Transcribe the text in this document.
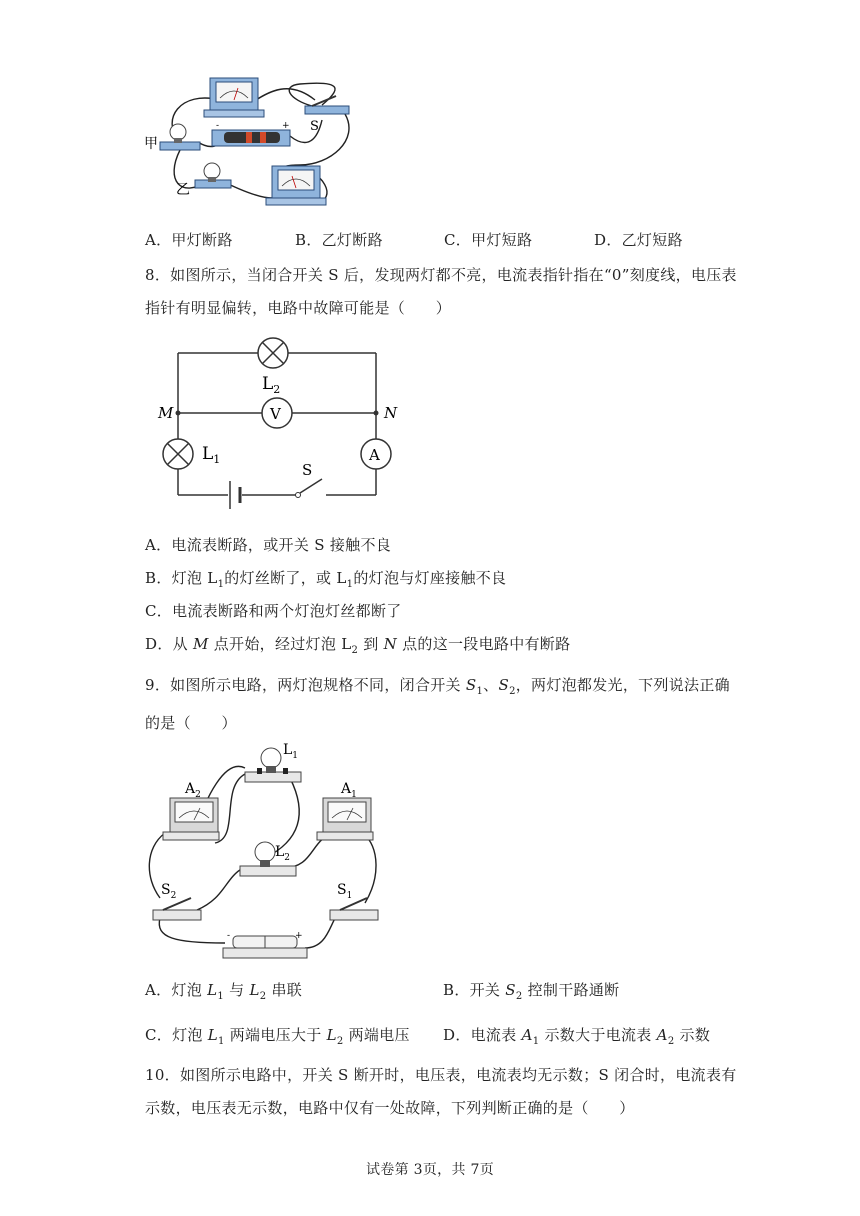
S
-	+
甲
乙
A．甲灯断路	B．乙灯断路	C．甲灯短路	D．乙灯短路
8．如图所示，当闭合开关 S 后，发现两灯都不亮，电流表指针指在“0”刻度线，电压表
指针有明显偏转，电路中故障可能是（　　）
$L_2$
V
M	N
$L_1$	A
S
A．电流表断路，或开关 S 接触不良
B．灯泡 $L_1$的灯丝断了，或 $L_1$的灯泡与灯座接触不良
C．电流表断路和两个灯泡灯丝都断了
D．从 M 点开始，经过灯泡 $L_2$ 到 N 点的这一段电路中有断路
9．如图所示电路，两灯泡规格不同，闭合开关 $S_1$、$S_2$，两灯泡都发光，下列说法正确
的是（　　）
$L_1$
$A_2$	$A_1$
$L_2$
$S_2$	$S_1$
-	+
A．灯泡 $L_1$ 与 $L_2$ 串联	B．开关 $S_2$ 控制干路通断
C．灯泡 $L_1$ 两端电压大于 $L_2$ 两端电压 D．电流表 $A_1$ 示数大于电流表 $A_2$ 示数
10．如图所示电路中，开关 S 断开时，电压表，电流表均无示数；S 闭合时，电流表有
示数，电压表无示数，电路中仅有一处故障，下列判断正确的是（　　）
试卷第 3页，共 7页
